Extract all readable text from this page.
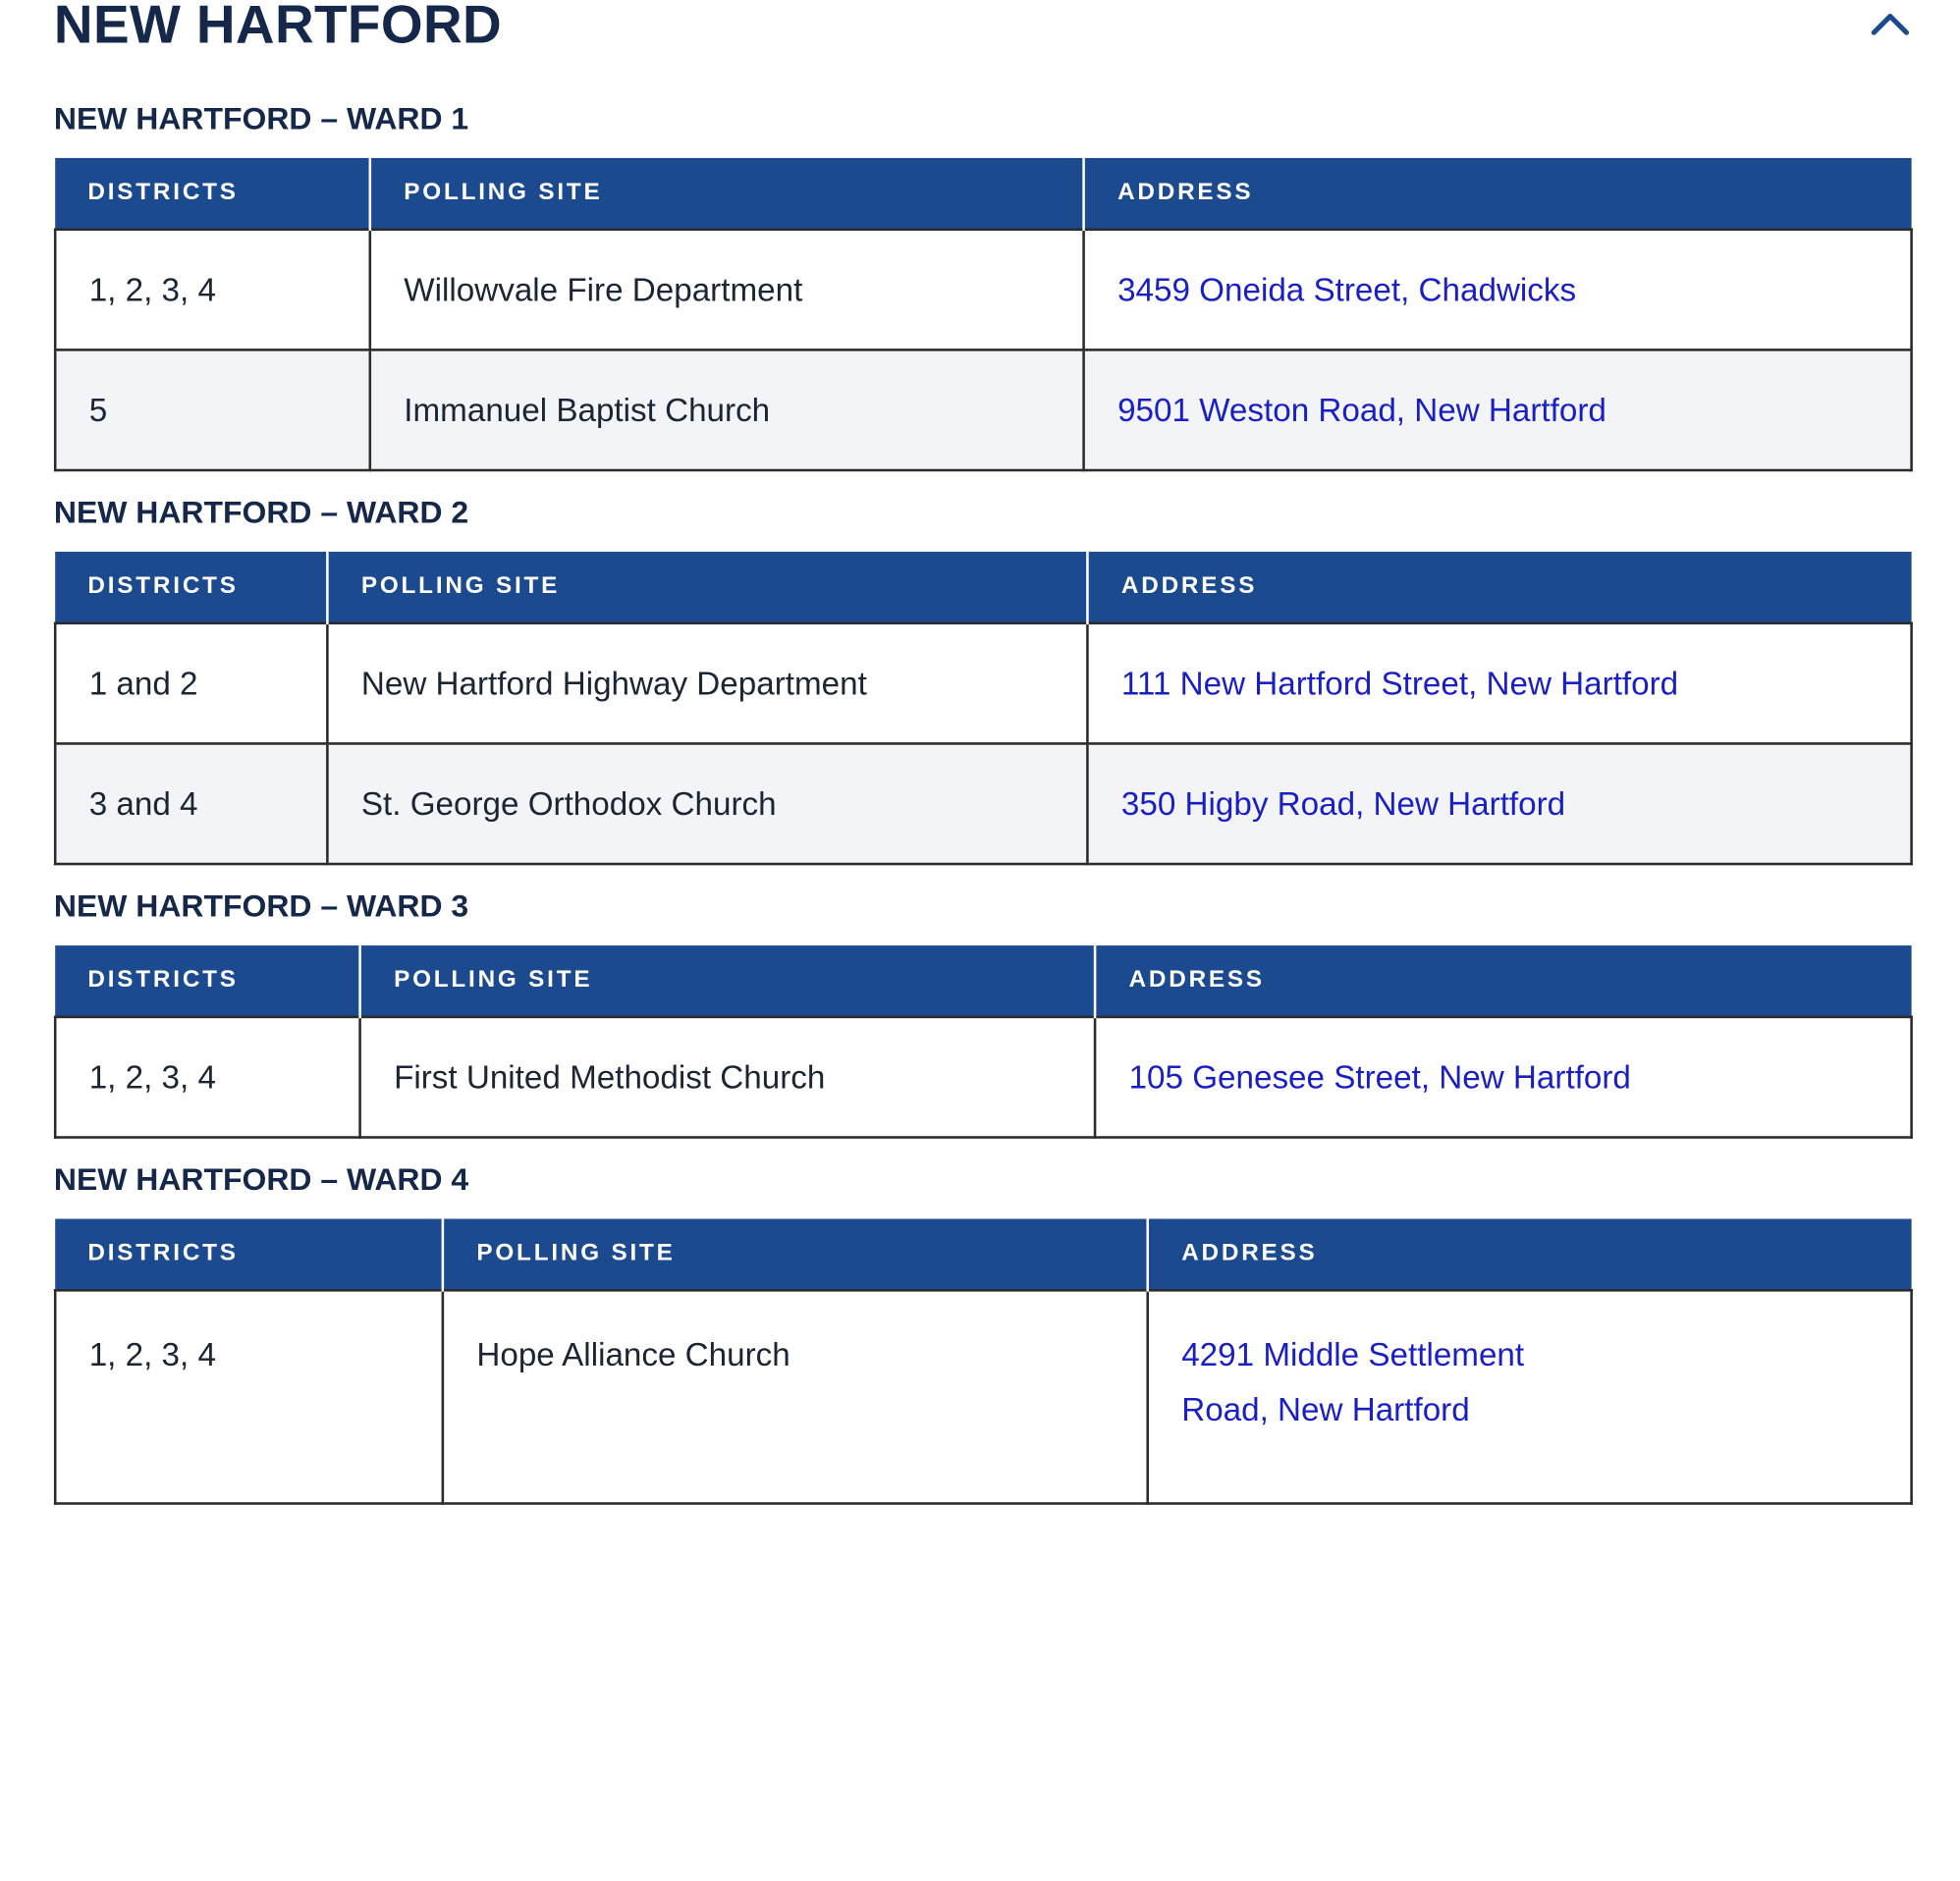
NEW HARTFORD
NEW HARTFORD – WARD 1
DISTRICTS	POLLING SITE	ADDRESS
1, 2, 3, 4	Willowvale Fire Department	3459 Oneida Street, Chadwicks
5	Immanuel Baptist Church	9501 Weston Road, New Hartford
NEW HARTFORD – WARD 2
DISTRICTS	POLLING SITE	ADDRESS
1 and 2	New Hartford Highway Department	111 New Hartford Street, New Hartford
3 and 4	St. George Orthodox Church	350 Higby Road, New Hartford
NEW HARTFORD – WARD 3
DISTRICTS	POLLING SITE	ADDRESS
1, 2, 3, 4	First United Methodist Church	105 Genesee Street, New Hartford
NEW HARTFORD – WARD 4
DISTRICTS	POLLING SITE	ADDRESS
1, 2, 3, 4	Hope Alliance Church	4291 Middle Settlement Road, New Hartford
